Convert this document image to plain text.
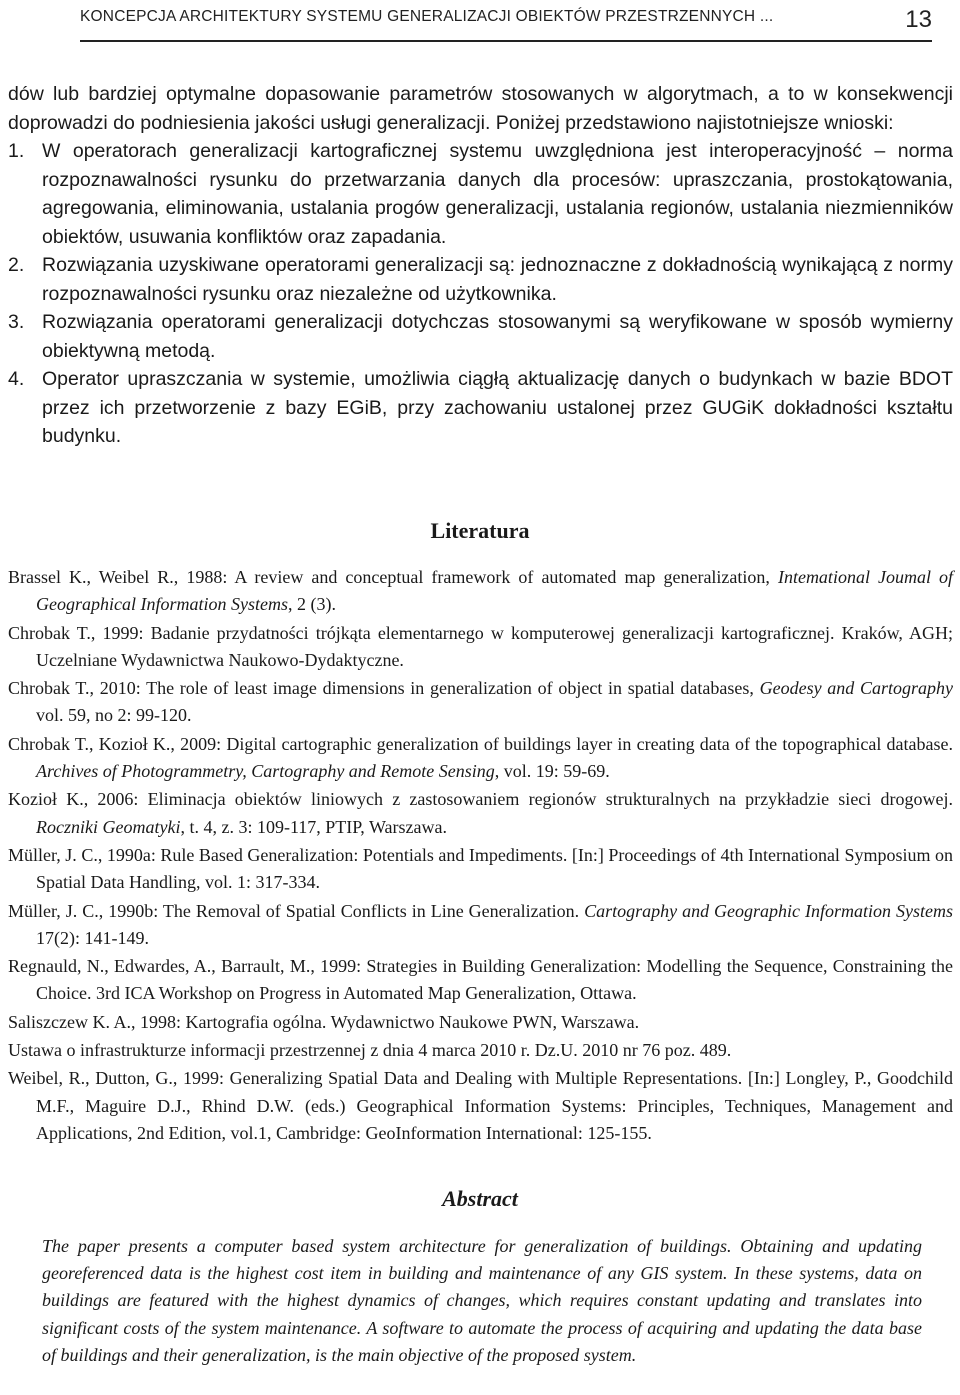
KONCEPCJA ARCHITEKTURY SYSTEMU GENERALIZACJI OBIEKTÓW PRZESTRZENNYCH ...	13

dów lub bardziej optymalne dopasowanie parametrów stosowanych w algorytmach, a to w konsekwencji doprowadzi do podniesienia jakości usługi generalizacji. Poniżej przedstawiono najistotniejsze wnioski:

1. W operatorach generalizacji kartograficznej systemu uwzględniona jest interoperacyjność – norma rozpoznawalności rysunku do przetwarzania danych dla procesów: upraszczania, prostokątowania, agregowania, eliminowania, ustalania progów generalizacji, ustalania regionów, ustalania niezmienników obiektów, usuwania konfliktów oraz zapadania.
2. Rozwiązania uzyskiwane operatorami generalizacji są: jednoznaczne z dokładnością wynikającą z normy rozpoznawalności rysunku oraz niezależne od użytkownika.
3. Rozwiązania operatorami generalizacji dotychczas stosowanymi są weryfikowane w sposób wymierny obiektywną metodą.
4. Operator upraszczania w systemie, umożliwia ciągłą aktualizację danych o budynkach w bazie BDOT przez ich przetworzenie z bazy EGiB, przy zachowaniu ustalonej przez GUGiK dokładności kształtu budynku.
Literatura

Brassel K., Weibel R., 1988: A review and conceptual framework of automated map generalization, Intemational Joumal of Geographical Information Systems, 2 (3).

Chrobak T., 1999: Badanie przydatności trójkąta elementarnego w komputerowej generalizacji kartograficznej. Kraków, AGH; Uczelniane Wydawnictwa Naukowo-Dydaktyczne.

Chrobak T., 2010: The role of least image dimensions in generalization of object in spatial databases, Geodesy and Cartography vol. 59, no 2: 99-120.

Chrobak T., Kozioł K., 2009: Digital cartographic generalization of buildings layer in creating data of the topographical database. Archives of Photogrammetry, Cartography and Remote Sensing, vol. 19: 59-69.

Kozioł K., 2006: Eliminacja obiektów liniowych z zastosowaniem regionów strukturalnych na przykładzie sieci drogowej. Roczniki Geomatyki, t. 4, z. 3: 109-117, PTIP, Warszawa.

Müller, J. C., 1990a: Rule Based Generalization: Potentials and Impediments. [In:] Proceedings of 4th International Symposium on Spatial Data Handling, vol. 1: 317-334.

Müller, J. C., 1990b: The Removal of Spatial Conflicts in Line Generalization. Cartography and Geographic Information Systems 17(2): 141-149.

Regnauld, N., Edwardes, A., Barrault, M., 1999: Strategies in Building Generalization: Modelling the Sequence, Constraining the Choice. 3rd ICA Workshop on Progress in Automated Map Generalization, Ottawa.

Saliszczew K. A., 1998: Kartografia ogólna. Wydawnictwo Naukowe PWN, Warszawa.

Ustawa o infrastrukturze informacji przestrzennej z dnia 4 marca 2010 r. Dz.U. 2010 nr 76 poz. 489.

Weibel, R., Dutton, G., 1999: Generalizing Spatial Data and Dealing with Multiple Representations. [In:] Longley, P., Goodchild M.F., Maguire D.J., Rhind D.W. (eds.) Geographical Information Systems: Principles, Techniques, Management and Applications, 2nd Edition, vol.1, Cambridge: GeoInformation International: 125-155.

Abstract

The paper presents a computer based system architecture for generalization of buildings. Obtaining and updating georeferenced data is the highest cost item in building and maintenance of any GIS system. In these systems, data on buildings are featured with the highest dynamics of changes, which requires constant updating and translates into significant costs of the system maintenance. A software to automate the process of acquiring and updating the data base of buildings and their generalization, is the main objective of the proposed system.
